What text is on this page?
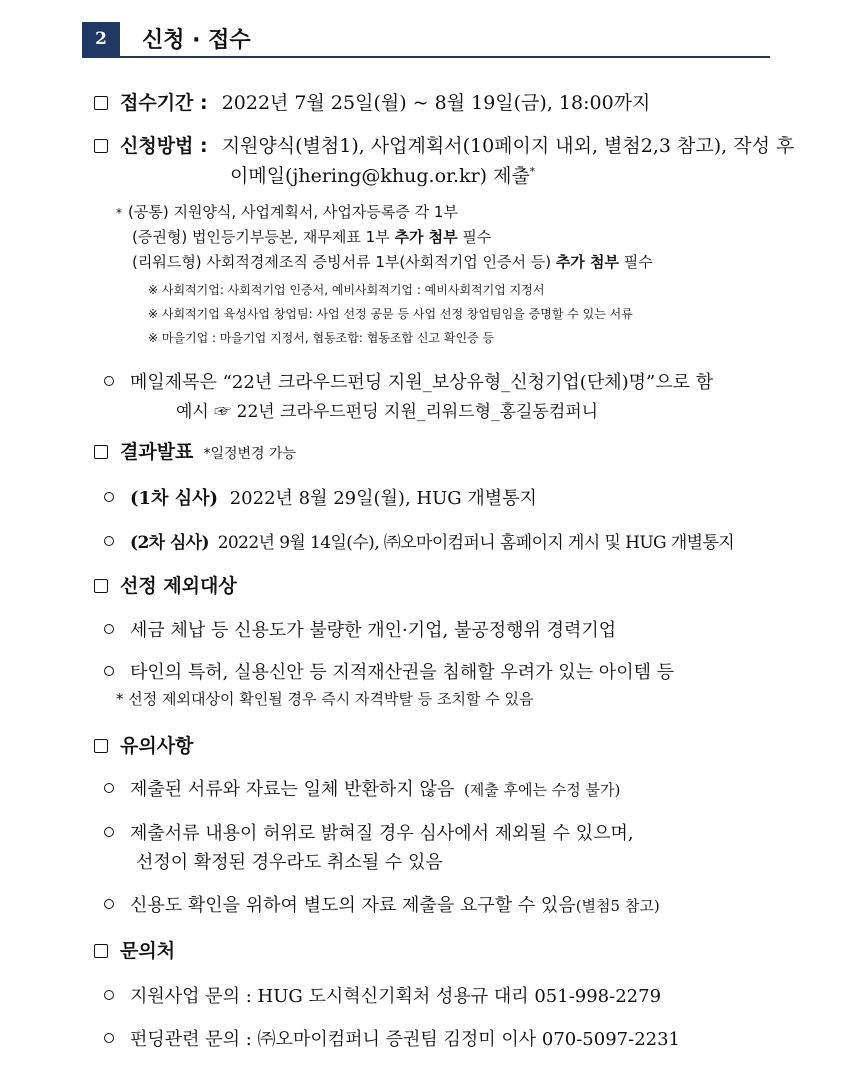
2	신청 · 접수
접수기간 : 2022년 7월 25일(월) ~ 8월 19일(금), 18:00까지
신청방법 : 지원양식(별첨1), 사업계획서(10페이지 내외, 별첨2,3 참고), 작성 후
이메일(jhering@khug.or.kr) 제출*
* (공통) 지원양식, 사업계획서, 사업자등록증 각 1부
(증권형) 법인등기부등본, 재무제표 1부 추가 첨부 필수
(리워드형) 사회적경제조직 증빙서류 1부(사회적기업 인증서 등) 추가 첨부 필수
※ 사회적기업: 사회적기업 인증서, 예비사회적기업 : 예비사회적기업 지정서
※ 사회적기업 육성사업 창업팀: 사업 선정 공문 등 사업 선정 창업팀임을 증명할 수 있는 서류
※ 마을기업 : 마을기업 지정서, 협동조합: 협동조합 신고 확인증 등
메일제목은 “22년 크라우드펀딩 지원_보상유형_신청기업(단체)명”으로 함
예시 ☞ 22년 크라우드펀딩 지원_리워드형_홍길동컴퍼니
결과발표 *일정변경 가능
(1차 심사) 2022년 8월 29일(월), HUG 개별통지
(2차 심사) 2022년 9월 14일(수), ㈜오마이컴퍼니 홈페이지 게시 및 HUG 개별통지
선정 제외대상
세금 체납 등 신용도가 불량한 개인·기업, 불공정행위 경력기업
타인의 특허, 실용신안 등 지적재산권을 침해할 우려가 있는 아이템 등
* 선정 제외대상이 확인될 경우 즉시 자격박탈 등 조치할 수 있음
유의사항
제출된 서류와 자료는 일체 반환하지 않음 (제출 후에는 수정 불가)
제출서류 내용이 허위로 밝혀질 경우 심사에서 제외될 수 있으며,
선정이 확정된 경우라도 취소될 수 있음
신용도 확인을 위하여 별도의 자료 제출을 요구할 수 있음(별첨5 참고)
문의처
지원사업 문의 : HUG 도시혁신기획처 성용규 대리 051-998-2279
펀딩관련 문의 : ㈜오마이컴퍼니 증권팀 김정미 이사 070-5097-2231
